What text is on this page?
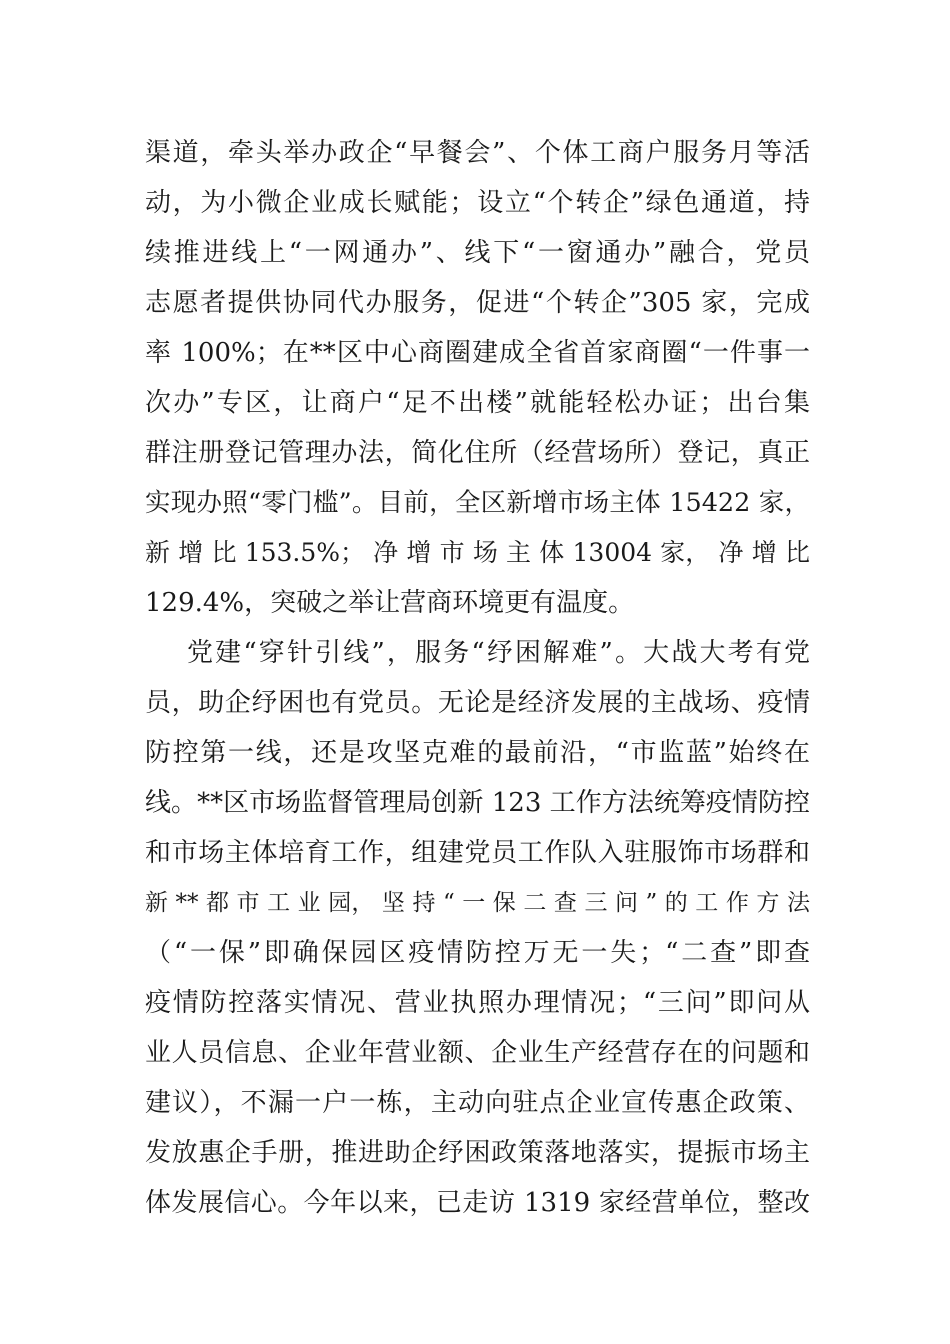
渠道，牵头举办政企“早餐会”、个体工商户服务月等活
动，为小微企业成长赋能；设立“个转企”绿色通道，持
续推进线上“一网通办”、线下“一窗通办”融合，党员
志愿者提供协同代办服务，促进“个转企”305 家，完成
率 100%；在**区中心商圈建成全省首家商圈“一件事一
次办”专区，让商户“足不出楼”就能轻松办证；出台集
群注册登记管理办法，简化住所（经营场所）登记，真正
实现办照“零门槛”。目前，全区新增市场主体 15422 家，
新 增 比 153.5%； 净 增 市 场 主 体 13004 家， 净 增 比
129.4%，突破之举让营商环境更有温度。
党建“穿针引线”，服务“纾困解难”。大战大考有党
员，助企纾困也有党员。无论是经济发展的主战场、疫情
防控第一线，还是攻坚克难的最前沿，“市监蓝”始终在
线。**区市场监督管理局创新 123 工作方法统筹疫情防控
和市场主体培育工作，组建党员工作队入驻服饰市场群和
新 ** 都 市 工 业 园， 坚 持 “ 一 保 二 查 三 问 ” 的 工 作 方 法
（“一保”即确保园区疫情防控万无一失；“二查”即查
疫情防控落实情况、营业执照办理情况；“三问”即问从
业人员信息、企业年营业额、企业生产经营存在的问题和
建议），不漏一户一栋，主动向驻点企业宣传惠企政策、
发放惠企手册，推进助企纾困政策落地落实，提振市场主
体发展信心。今年以来，已走访 1319 家经营单位，整改
